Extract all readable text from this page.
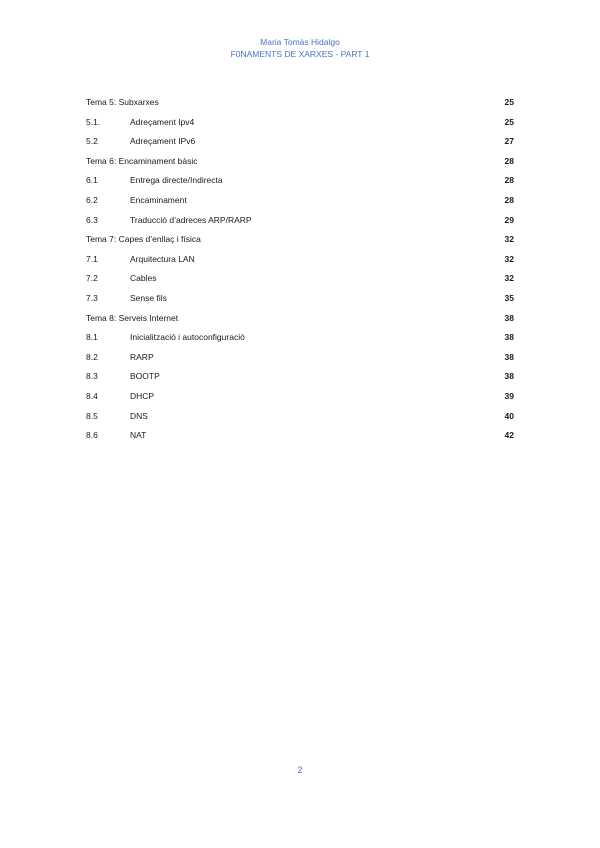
Maria Tomàs Hidalgo
F0NAMENTS DE XARXES - PART 1
Tema 5: Subxarxes	25
5.1.	Adreçament Ipv4	25
5.2	Adreçament IPv6	27
Tema 6: Encaminament bàsic	28
6.1	Entrega directe/Indirecta	28
6.2	Encaminament	28
6.3	Traducció d’adreces ARP/RARP	29
Tema 7: Capes d’enllaç i física	32
7.1	Arquitectura LAN	32
7.2	Cables	32
7.3	Sense fils	35
Tema 8: Serveis Internet	38
8.1	Inicialització i autoconfiguració	38
8.2	RARP	38
8.3	BOOTP	38
8.4	DHCP	39
8.5	DNS	40
8.6	NAT	42
2
